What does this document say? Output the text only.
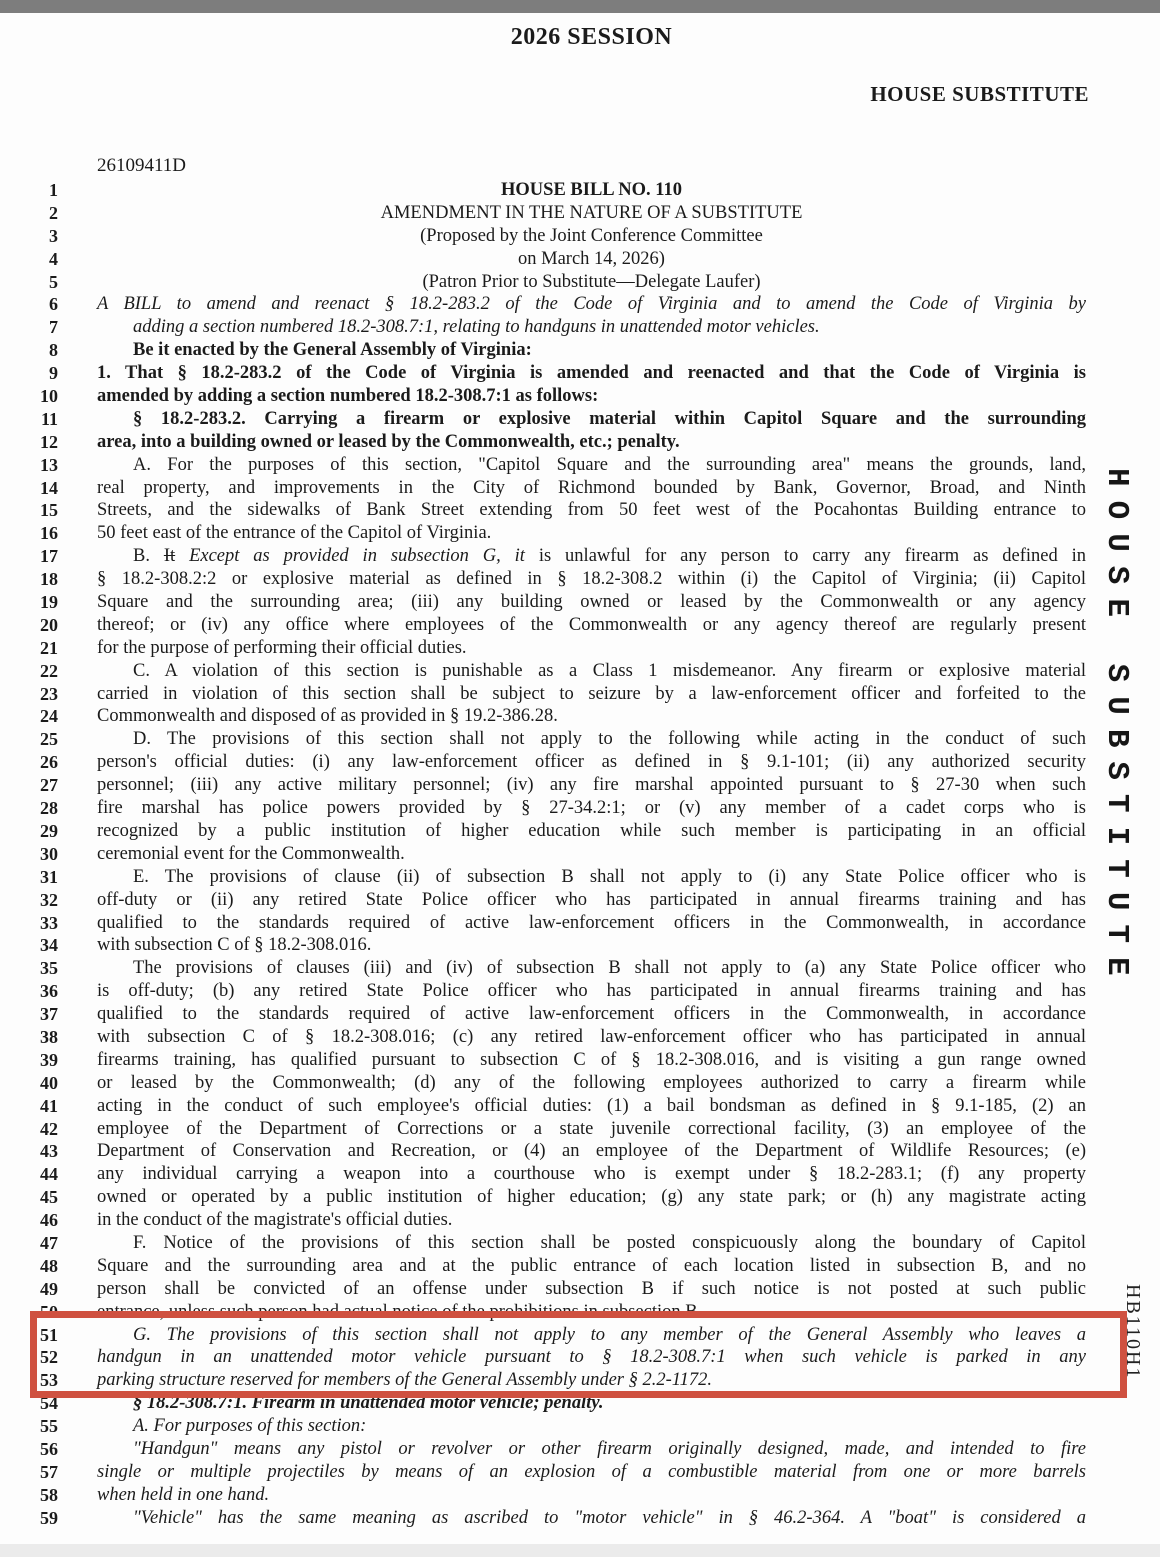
2026 SESSION
HOUSE SUBSTITUTE
26109411D
1	HOUSE BILL NO. 110
2	AMENDMENT IN THE NATURE OF A SUBSTITUTE
3	(Proposed by the Joint Conference Committee
4	on March 14, 2026)
5	(Patron Prior to Substitute—Delegate Laufer)
6 A BILL to amend and reenact § 18.2-283.2 of the Code of Virginia and to amend the Code of Virginia by
7	adding a section numbered 18.2-308.7:1, relating to handguns in unattended motor vehicles.
8	Be it enacted by the General Assembly of Virginia:
9 1. That § 18.2-283.2 of the Code of Virginia is amended and reenacted and that the Code of Virginia is
10 amended by adding a section numbered 18.2-308.7:1 as follows:
11	§ 18.2-283.2. Carrying a firearm or explosive material within Capitol Square and the surrounding
12 area, into a building owned or leased by the Commonwealth, etc.; penalty.
13	A. For the purposes of this section, "Capitol Square and the surrounding area" means the grounds, land,
14 real property, and improvements in the City of Richmond bounded by Bank, Governor, Broad, and Ninth
15 Streets, and the sidewalks of Bank Street extending from 50 feet west of the Pocahontas Building entrance to
16 50 feet east of the entrance of the Capitol of Virginia.
17	B. It Except as provided in subsection G, it is unlawful for any person to carry any firearm as defined in
18 § 18.2-308.2:2 or explosive material as defined in § 18.2-308.2 within (i) the Capitol of Virginia; (ii) Capitol
19 Square and the surrounding area; (iii) any building owned or leased by the Commonwealth or any agency
20 thereof; or (iv) any office where employees of the Commonwealth or any agency thereof are regularly present
21 for the purpose of performing their official duties.
22	C. A violation of this section is punishable as a Class 1 misdemeanor. Any firearm or explosive material
23 carried in violation of this section shall be subject to seizure by a law-enforcement officer and forfeited to the
24 Commonwealth and disposed of as provided in § 19.2-386.28.
25	D. The provisions of this section shall not apply to the following while acting in the conduct of such
26 person's official duties: (i) any law-enforcement officer as defined in § 9.1-101; (ii) any authorized security
27 personnel; (iii) any active military personnel; (iv) any fire marshal appointed pursuant to § 27-30 when such
28 fire marshal has police powers provided by § 27-34.2:1; or (v) any member of a cadet corps who is
29 recognized by a public institution of higher education while such member is participating in an official
30 ceremonial event for the Commonwealth.
31	E. The provisions of clause (ii) of subsection B shall not apply to (i) any State Police officer who is
32 off-duty or (ii) any retired State Police officer who has participated in annual firearms training and has
33 qualified to the standards required of active law-enforcement officers in the Commonwealth, in accordance
34 with subsection C of § 18.2-308.016.
35	The provisions of clauses (iii) and (iv) of subsection B shall not apply to (a) any State Police officer who
36 is off-duty; (b) any retired State Police officer who has participated in annual firearms training and has
37 qualified to the standards required of active law-enforcement officers in the Commonwealth, in accordance
38 with subsection C of § 18.2-308.016; (c) any retired law-enforcement officer who has participated in annual
39 firearms training, has qualified pursuant to subsection C of § 18.2-308.016, and is visiting a gun range owned
40 or leased by the Commonwealth; (d) any of the following employees authorized to carry a firearm while
41 acting in the conduct of such employee's official duties: (1) a bail bondsman as defined in § 9.1-185, (2) an
42 employee of the Department of Corrections or a state juvenile correctional facility, (3) an employee of the
43 Department of Conservation and Recreation, or (4) an employee of the Department of Wildlife Resources; (e)
44 any individual carrying a weapon into a courthouse who is exempt under § 18.2-283.1; (f) any property
45 owned or operated by a public institution of higher education; (g) any state park; or (h) any magistrate acting
46 in the conduct of the magistrate's official duties.
47	F. Notice of the provisions of this section shall be posted conspicuously along the boundary of Capitol
48 Square and the surrounding area and at the public entrance of each location listed in subsection B, and no
49 person shall be convicted of an offense under subsection B if such notice is not posted at such public
50 entrance, unless such person had actual notice of the prohibitions in subsection B.
51	G. The provisions of this section shall not apply to any member of the General Assembly who leaves a
52 handgun in an unattended motor vehicle pursuant to § 18.2-308.7:1 when such vehicle is parked in any
53 parking structure reserved for members of the General Assembly under § 2.2-1172.
54	§ 18.2-308.7:1. Firearm in unattended motor vehicle; penalty.
55	A. For purposes of this section:
56	"Handgun" means any pistol or revolver or other firearm originally designed, made, and intended to fire
57 single or multiple projectiles by means of an explosion of a combustible material from one or more barrels
58 when held in one hand.
59	"Vehicle" has the same meaning as ascribed to "motor vehicle" in § 46.2-364. A "boat" is considered a
HOUSE SUBSTITUTE
HB110H1
